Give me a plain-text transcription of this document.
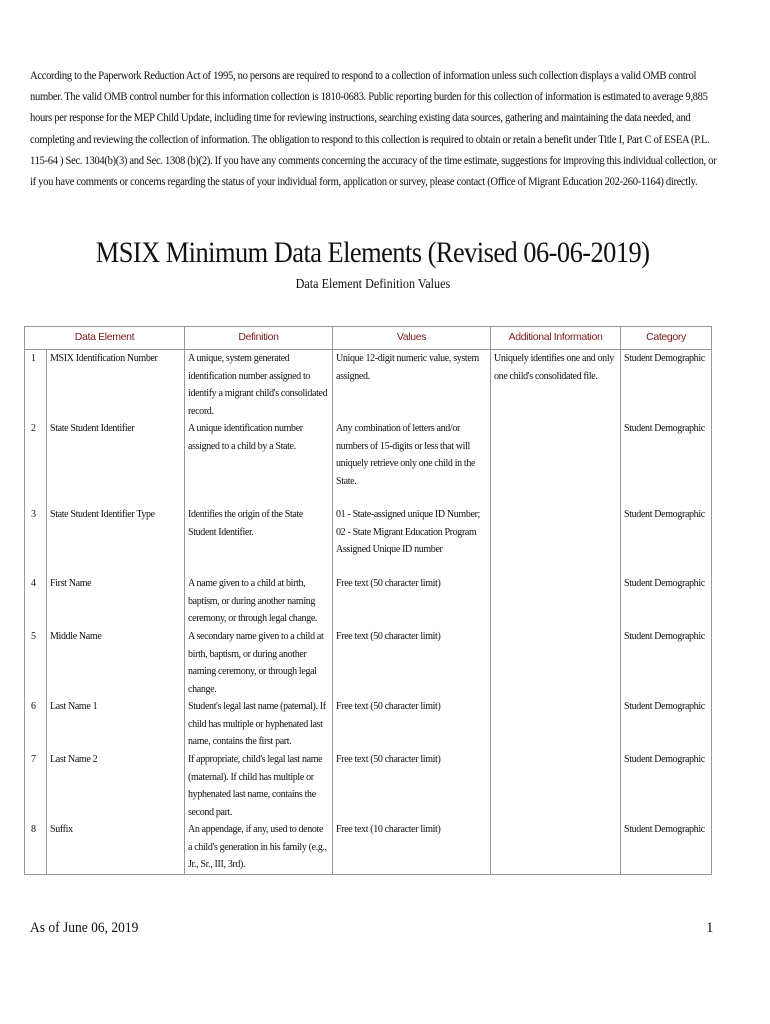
According to the Paperwork Reduction Act of 1995, no persons are required to respond to a collection of information unless such collection displays a valid OMB control number. The valid OMB control number for this information collection is 1810-0683. Public reporting burden for this collection of information is estimated to average 9,885 hours per response for the MEP Child Update, including time for reviewing instructions, searching existing data sources, gathering and maintaining the data needed, and completing and reviewing the collection of information. The obligation to respond to this collection is required to obtain or retain a benefit under Title I, Part C of ESEA (P.L. 115-64 ) Sec. 1304(b)(3) and Sec. 1308 (b)(2). If you have any comments concerning the accuracy of the time estimate, suggestions for improving this individual collection, or if you have comments or concerns regarding the status of your individual form, application or survey, please contact (Office of Migrant Education 202-260-1164) directly.
MSIX Minimum Data Elements (Revised 06-06-2019)
Data Element Definition Values
Data Element		Definition	Values	Additional Information	Category
1	MSIX Identification Number	A unique, system generated identification number assigned to identify a migrant child's consolidated record.	Unique 12-digit numeric value, system assigned.	Uniquely identifies one and only one child's consolidated file.	Student Demographic
2	State Student Identifier	A unique identification number assigned to a child by a State.	Any combination of letters and/or numbers of 15-digits or less that will uniquely retrieve only one child in the State.		Student Demographic
3	State Student Identifier Type	Identifies the origin of the State Student Identifier.	01 - State-assigned unique ID Number; 02 - State Migrant Education Program Assigned Unique ID number		Student Demographic
4	First Name	A name given to a child at birth, baptism, or during another naming ceremony, or through legal change.	Free text (50 character limit)		Student Demographic
5	Middle Name	A secondary name given to a child at birth, baptism, or during another naming ceremony, or through legal change.	Free text (50 character limit)		Student Demographic
6	Last Name 1	Student's legal last name (paternal). If child has multiple or hyphenated last name, contains the first part.	Free text (50 character limit)		Student Demographic
7	Last Name 2	If appropriate, child's legal last name (maternal). If child has multiple or hyphenated last name, contains the second part.	Free text (50 character limit)		Student Demographic
8	Suffix	An appendage, if any, used to denote a child's generation in his family (e.g., Jr., Sr., III, 3rd).	Free text (10 character limit)		Student Demographic
As of June 06, 2019	1
